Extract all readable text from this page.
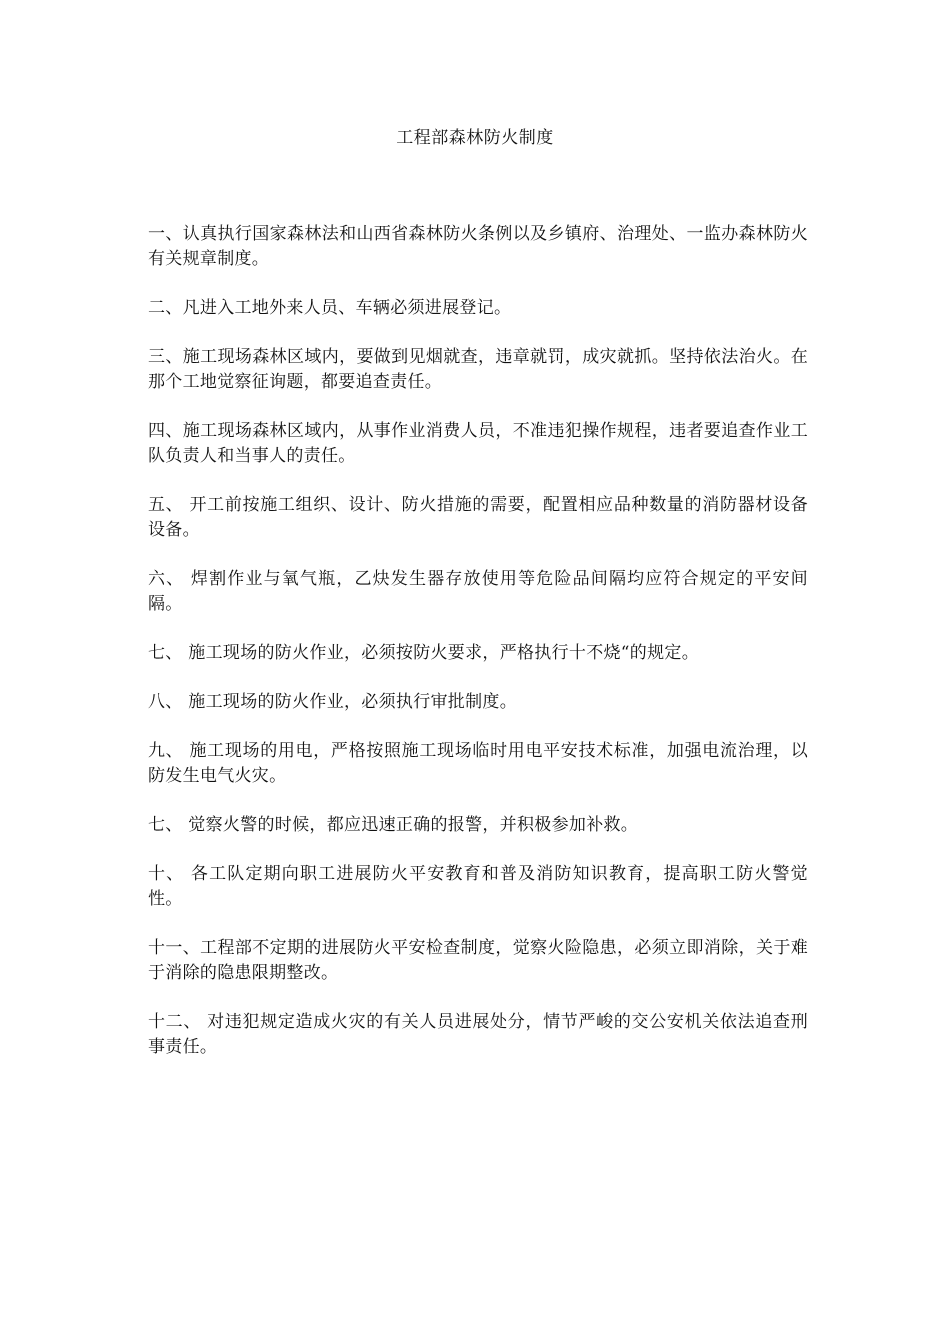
工程部森林防火制度

一、认真执行国家森林法和山西省森林防火条例以及乡镇府、治理处、一监办森林防火有关规章制度。

二、凡进入工地外来人员、车辆必须进展登记。

三、施工现场森林区域内，要做到见烟就查，违章就罚，成灾就抓。坚持依法治火。在那个工地觉察征询题，都要追查责任。

四、施工现场森林区域内，从事作业消费人员，不准违犯操作规程，违者要追查作业工队负责人和当事人的责任。

五、 开工前按施工组织、设计、防火措施的需要，配置相应品种数量的消防器材设备设备。

六、 焊割作业与氧气瓶，乙炔发生器存放使用等危险品间隔均应符合规定的平安间隔。

七、 施工现场的防火作业，必须按防火要求，严格执行十不烧“的规定。

八、 施工现场的防火作业，必须执行审批制度。

九、 施工现场的用电，严格按照施工现场临时用电平安技术标准，加强电流治理，以防发生电气火灾。

七、 觉察火警的时候，都应迅速正确的报警，并积极参加补救。

十、 各工队定期向职工进展防火平安教育和普及消防知识教育，提高职工防火警觉性。

十一、工程部不定期的进展防火平安检查制度，觉察火险隐患，必须立即消除，关于难于消除的隐患限期整改。

十二、 对违犯规定造成火灾的有关人员进展处分，情节严峻的交公安机关依法追查刑事责任。
